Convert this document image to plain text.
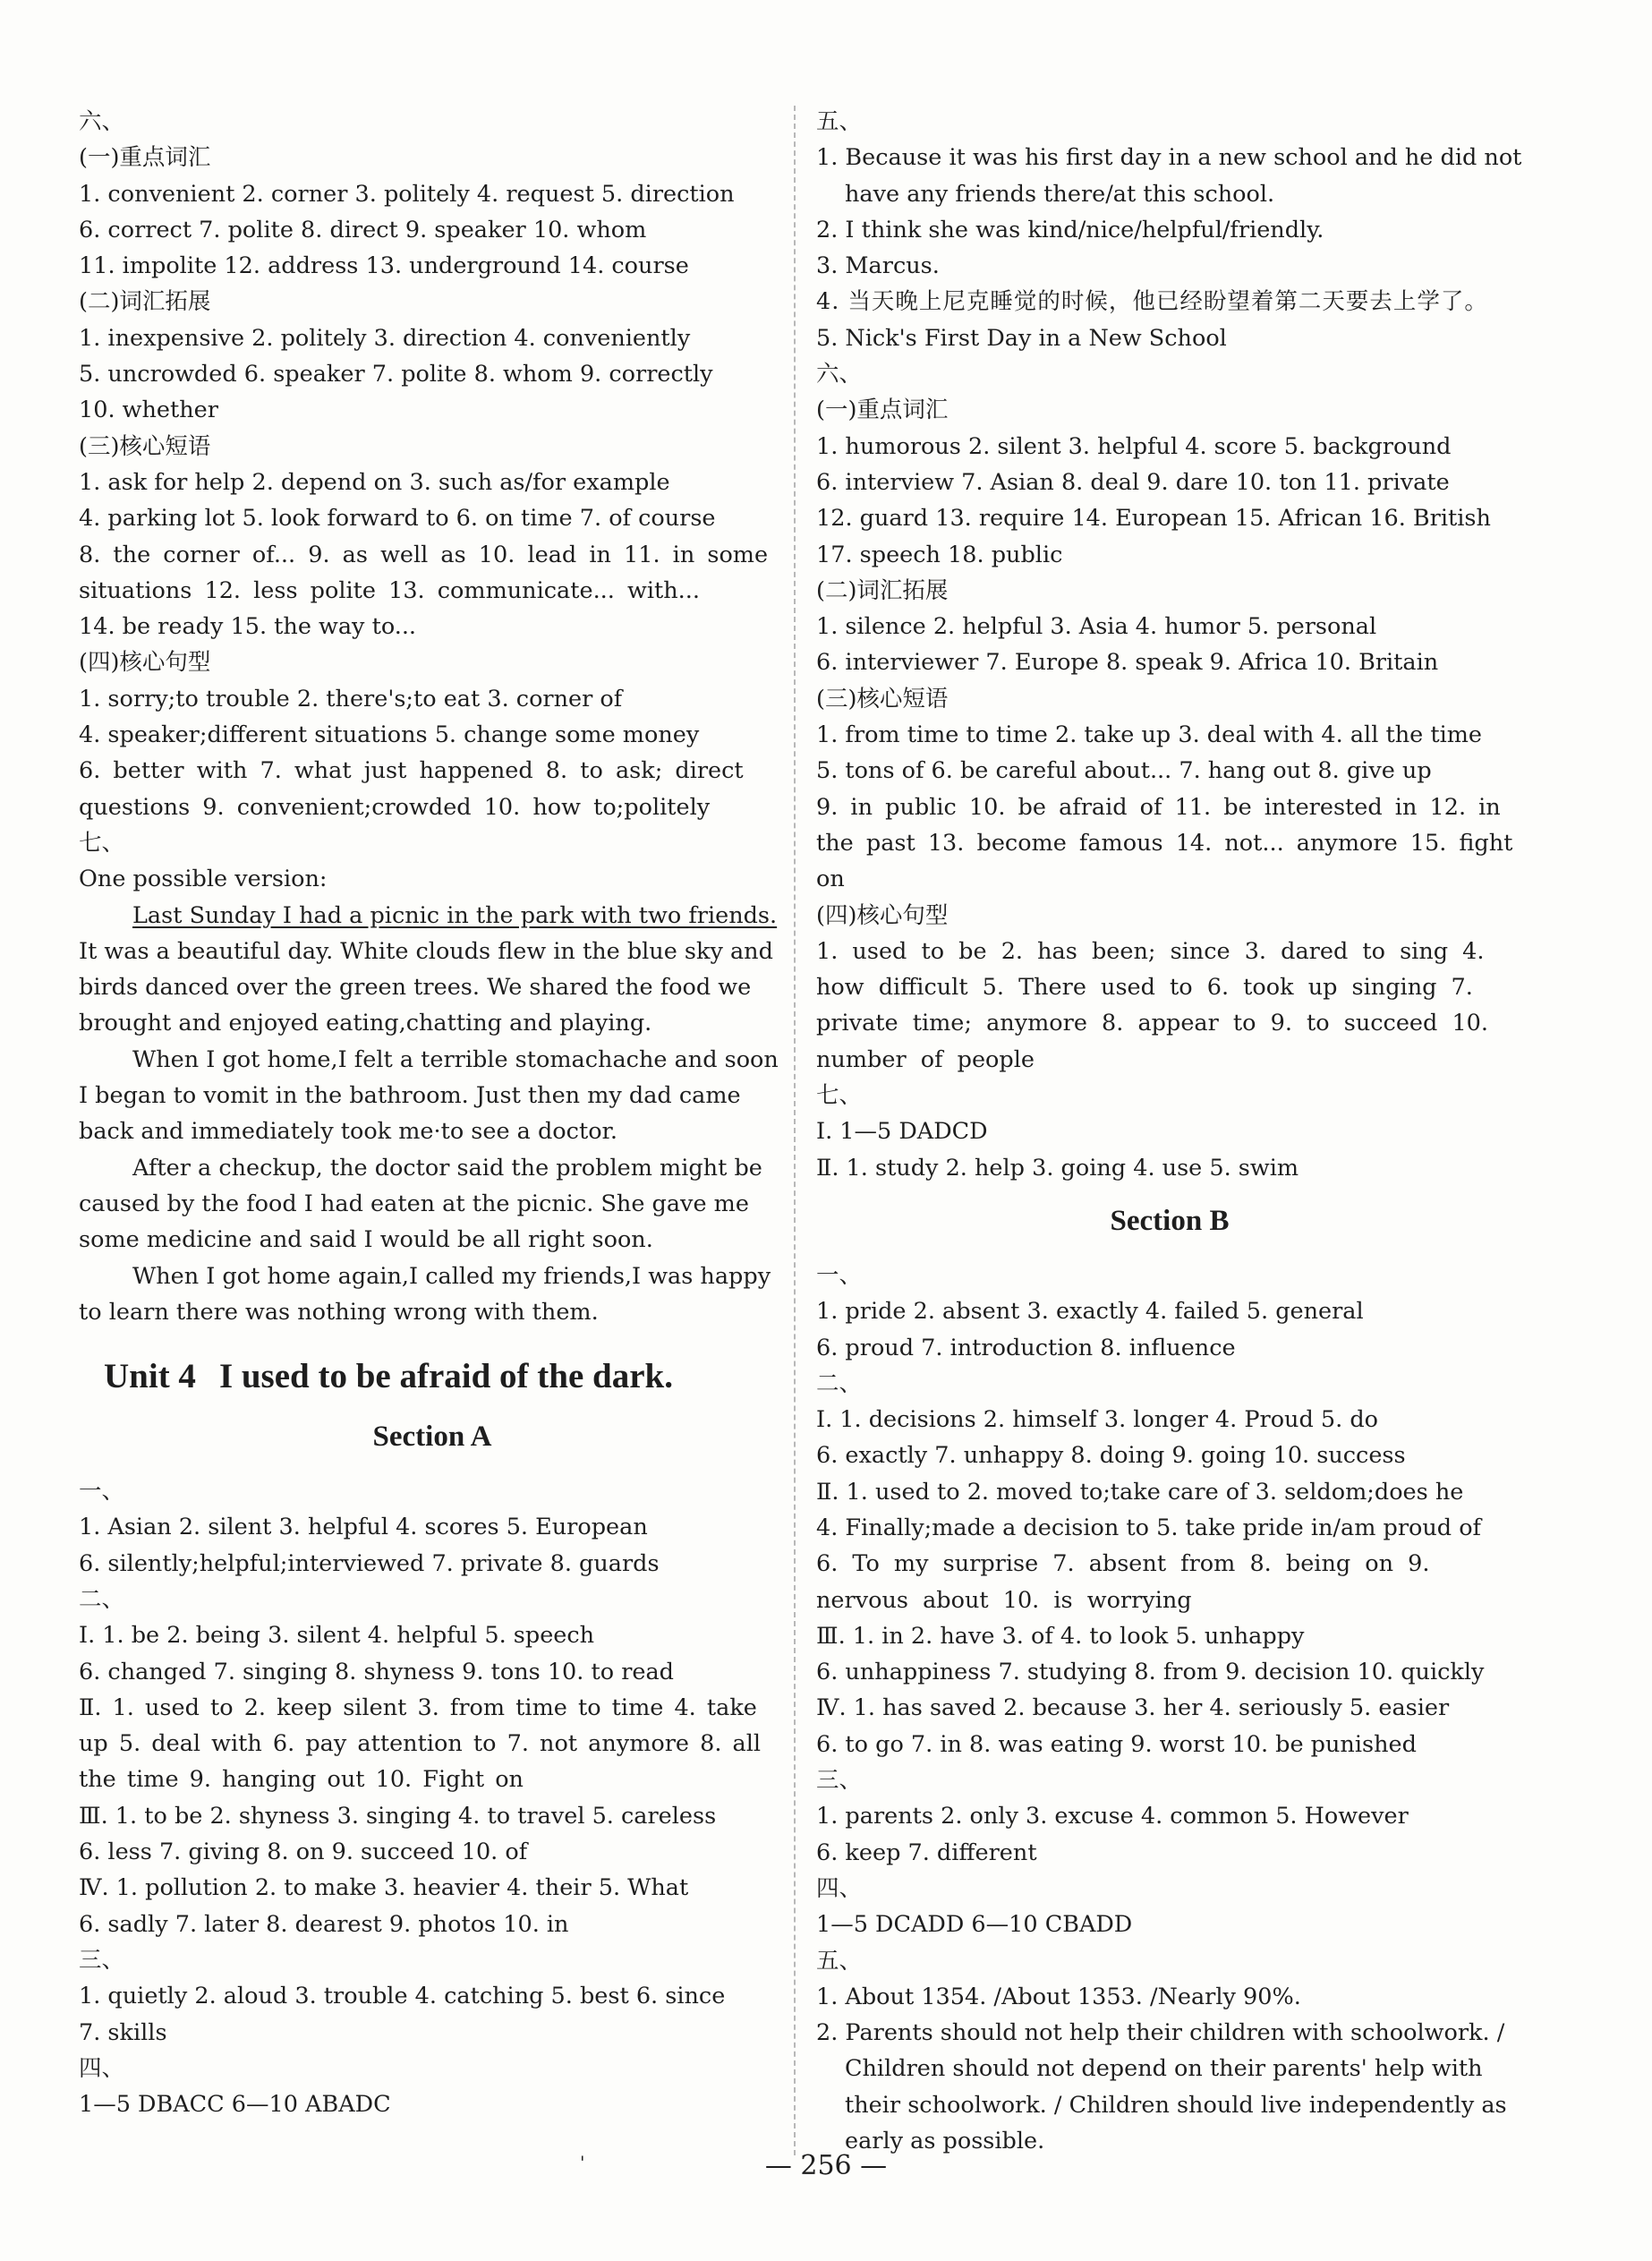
六、
(一)重点词汇
1. convenient 2. corner 3. politely 4. request 5. direction
6. correct 7. polite 8. direct 9. speaker 10. whom
11. impolite 12. address 13. underground 14. course
(二)词汇拓展
1. inexpensive 2. politely 3. direction 4. conveniently
5. uncrowded 6. speaker 7. polite 8. whom 9. correctly
10. whether
(三)核心短语
1. ask for help 2. depend on 3. such as/for example
4. parking lot 5. look forward to 6. on time 7. of course
8. the corner of... 9. as well as 10. lead in 11. in some situations 12. less polite 13. communicate... with...
14. be ready 15. the way to...
(四)核心句型
1. sorry;to trouble 2. there's;to eat 3. corner of
4. speaker;different situations 5. change some money
6. better with 7. what just happened 8. to ask; direct questions 9. convenient;crowded 10. how to;politely
七、
One possible version:
Last Sunday I had a picnic in the park with two friends. It was a beautiful day. White clouds flew in the blue sky and birds danced over the green trees. We shared the food we brought and enjoyed eating,chatting and playing.
When I got home,I felt a terrible stomachache and soon I began to vomit in the bathroom. Just then my dad came back and immediately took me·to see a doctor.
After a checkup, the doctor said the problem might be caused by the food I had eaten at the picnic. She gave me some medicine and said I would be all right soon.
When I got home again,I called my friends,I was happy to learn there was nothing wrong with them.
Unit 4 I used to be afraid of the dark.
Section A
一、
1. Asian 2. silent 3. helpful 4. scores 5. European
6. silently;helpful;interviewed 7. private 8. guards
二、
Ⅰ. 1. be 2. being 3. silent 4. helpful 5. speech
6. changed 7. singing 8. shyness 9. tons 10. to read
Ⅱ. 1. used to 2. keep silent 3. from time to time 4. take up 5. deal with 6. pay attention to 7. not anymore 8. all the time 9. hanging out 10. Fight on
Ⅲ. 1. to be 2. shyness 3. singing 4. to travel 5. careless
6. less 7. giving 8. on 9. succeed 10. of
Ⅳ. 1. pollution 2. to make 3. heavier 4. their 5. What
6. sadly 7. later 8. dearest 9. photos 10. in
三、
1. quietly 2. aloud 3. trouble 4. catching 5. best 6. since
7. skills
四、
1—5 DBACC 6—10 ABADC
五、
1. Because it was his first day in a new school and he did not have any friends there/at this school.
2. I think she was kind/nice/helpful/friendly.
3. Marcus.
4. 当天晚上尼克睡觉的时候，他已经盼望着第二天要去上学了。
5. Nick's First Day in a New School
六、
(一)重点词汇
1. humorous 2. silent 3. helpful 4. score 5. background
6. interview 7. Asian 8. deal 9. dare 10. ton 11. private
12. guard 13. require 14. European 15. African 16. British
17. speech 18. public
(二)词汇拓展
1. silence 2. helpful 3. Asia 4. humor 5. personal
6. interviewer 7. Europe 8. speak 9. Africa 10. Britain
(三)核心短语
1. from time to time 2. take up 3. deal with 4. all the time
5. tons of 6. be careful about... 7. hang out 8. give up
9. in public 10. be afraid of 11. be interested in 12. in the past 13. become famous 14. not... anymore 15. fight on
(四)核心句型
1. used to be 2. has been; since 3. dared to sing 4. how difficult 5. There used to 6. took up singing 7. private time; anymore 8. appear to 9. to succeed 10. number of people
七、
Ⅰ. 1—5 DADCD
Ⅱ. 1. study 2. help 3. going 4. use 5. swim
Section B
一、
1. pride 2. absent 3. exactly 4. failed 5. general
6. proud 7. introduction 8. influence
二、
Ⅰ. 1. decisions 2. himself 3. longer 4. Proud 5. do
6. exactly 7. unhappy 8. doing 9. going 10. success
Ⅱ. 1. used to 2. moved to;take care of 3. seldom;does he
4. Finally;made a decision to 5. take pride in/am proud of
6. To my surprise 7. absent from 8. being on 9. nervous about 10. is worrying
Ⅲ. 1. in 2. have 3. of 4. to look 5. unhappy
6. unhappiness 7. studying 8. from 9. decision 10. quickly
Ⅳ. 1. has saved 2. because 3. her 4. seriously 5. easier
6. to go 7. in 8. was eating 9. worst 10. be punished
三、
1. parents 2. only 3. excuse 4. common 5. However
6. keep 7. different
四、
1—5 DCADD 6—10 CBADD
五、
1. About 1354. /About 1353. /Nearly 90%.
2. Parents should not help their children with schoolwork. / Children should not depend on their parents' help with their schoolwork. / Children should live independently as early as possible.
'	— 256 —
